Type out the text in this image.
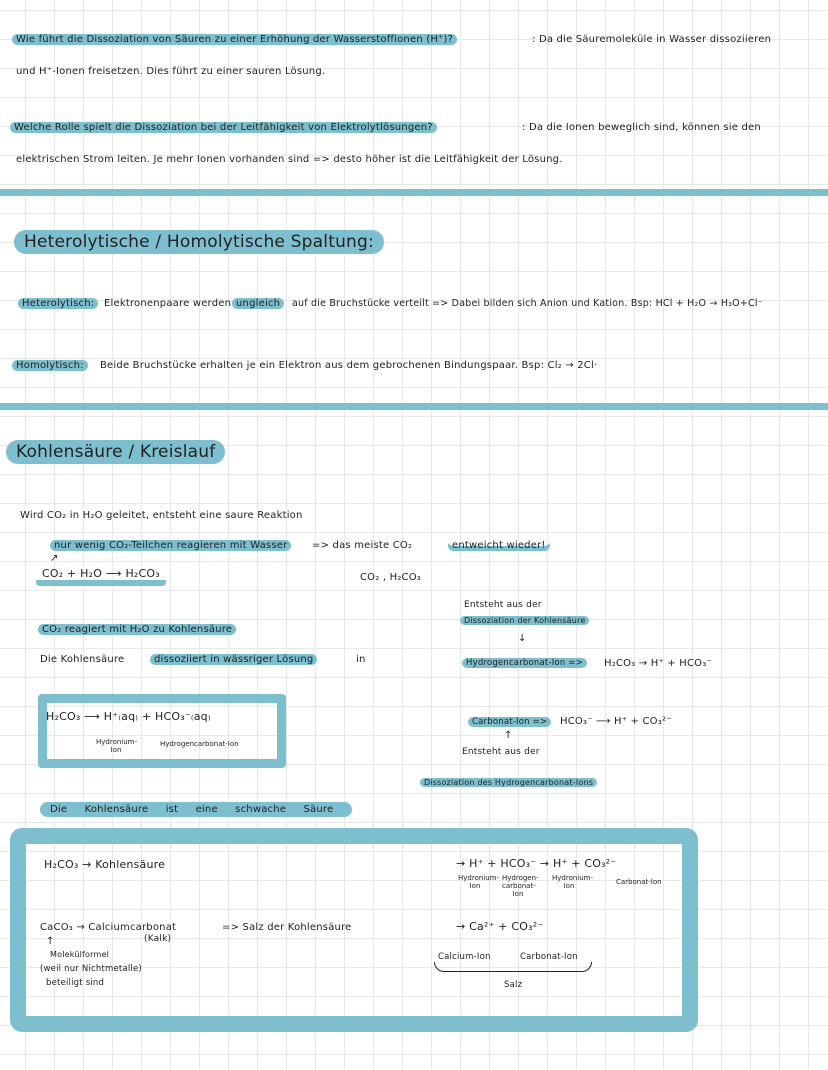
Wie führt die Dissoziation von Säuren zu einer Erhöhung der Wasserstoffionen (H⁺)?	: Da die Säuremoleküle in Wasser dissoziieren
und H⁺-Ionen freisetzen. Dies führt zu einer sauren Lösung.
Welche Rolle spielt die Dissoziation bei der Leitfähigkeit von Elektrolytlösungen?	: Da die Ionen beweglich sind, können sie den
elektrischen Strom leiten. Je mehr Ionen vorhanden sind => desto höher ist die Leitfähigkeit der Lösung.
Heterolytische / Homolytische Spaltung:
Heterolytisch: Elektronenpaare werden ungleich	auf die Bruchstücke verteilt => Dabei bilden sich Anion und Kation. Bsp: HCl + H₂O → H₃O+Cl⁻
Homolytisch:	Beide Bruchstücke erhalten je ein Elektron aus dem gebrochenen Bindungspaar. Bsp: Cl₂ → 2Cl·
Kohlensäure / Kreislauf
Wird CO₂ in H₂O geleitet, entsteht eine saure Reaktion
nur wenig CO₂-Teilchen reagieren mit Wasser	=> das meiste CO₂	entweicht wieder!
↗
CO₂ + H₂O ⟶ H₂CO₃	CO₂ , H₂CO₃
CO₂ reagiert mit H₂O zu Kohlensäure
Die Kohlensäure	dissoziiert in wässriger Lösung	in
H₂CO₃ ⟶ H⁺₍aq₎ + HCO₃⁻₍aq₎
Hydronium-Ion
Hydrogencarbonat-Ion
Die Kohlensäure ist eine schwache Säure
Entsteht aus der
Dissoziation der Kohlensäure
↓
Hydrogencarbonat-Ion =>	H₂CO₃ → H⁺ + HCO₃⁻
Carbonat-Ion =>	HCO₃⁻ ⟶ H⁺ + CO₃²⁻
↑
Entsteht aus der
Dissoziation des Hydrogencarbonat-Ions
H₂CO₃ → Kohlensäure	→ H⁺ + HCO₃⁻ → H⁺ + CO₃²⁻
Hydronium-Ion
Hydrogen-carbonat-Ion
Hydronium-Ion	Carbonat-Ion
CaCO₃ → Calciumcarbonat
(Kalk)
=> Salz der Kohlensäure	→ Ca²⁺ + CO₃²⁻
↑
Molekülformel
(weil nur Nichtmetalle)
beteiligt sind
Calcium-Ion	Carbonat-Ion
Salz
